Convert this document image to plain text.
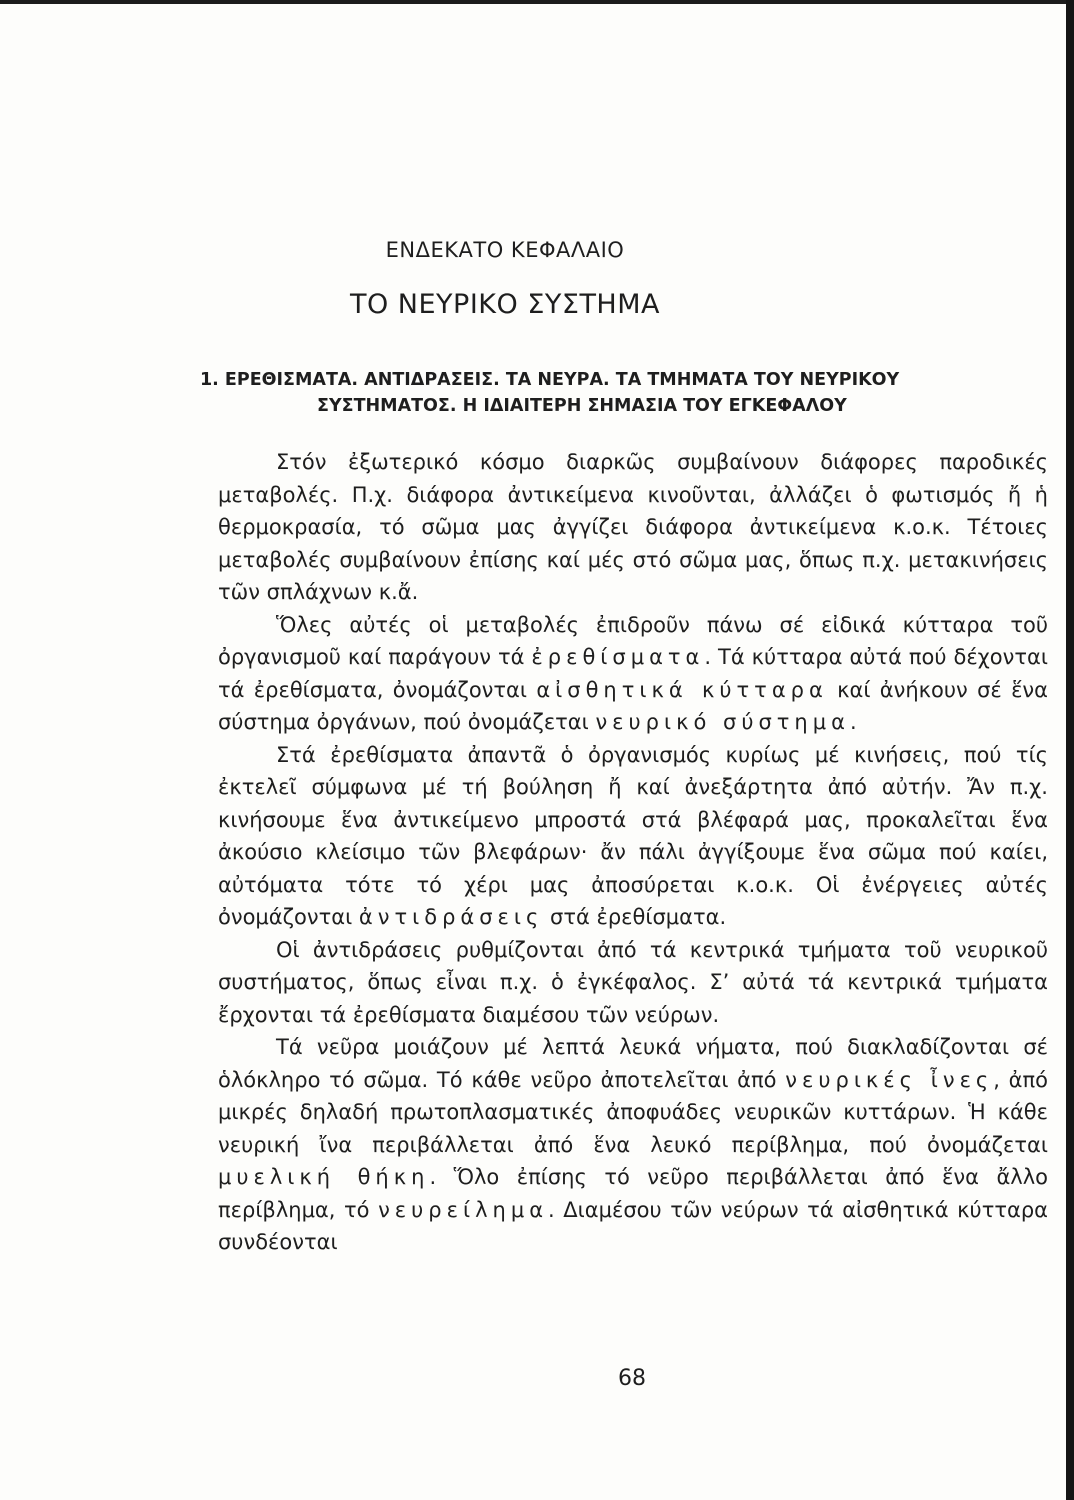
ΕΝΔΕΚΑΤΟ ΚΕΦΑΛΑΙΟ
ΤΟ ΝΕΥΡΙΚΟ ΣΥΣΤΗΜΑ
1. ΕΡΕΘΙΣΜΑΤΑ. ΑΝΤΙΔΡΑΣΕΙΣ. ΤΑ ΝΕΥΡΑ. ΤΑ ΤΜΗΜΑΤΑ ΤΟΥ ΝΕΥΡΙΚΟΥ
ΣΥΣΤΗΜΑΤΟΣ. Η ΙΔΙΑΙΤΕΡΗ ΣΗΜΑΣΙΑ ΤΟΥ ΕΓΚΕΦΑΛΟΥ

Στόν ἐξωτερικό κόσμο διαρκῶς συμβαίνουν διάφορες παροδικές μεταβολές. Π.χ. διάφορα ἀντικείμενα κινοῦνται, ἀλλάζει ὁ φωτισμός ἤ ἡ θερμοκρασία, τό σῶμα μας ἀγγίζει διάφορα ἀντικείμενα κ.ο.κ. Τέτοιες μεταβολές συμβαίνουν ἐπίσης καί μές στό σῶμα μας, ὅπως π.χ. μετακινήσεις τῶν σπλάχνων κ.ἄ.

Ὅλες αὐτές οἱ μεταβολές ἐπιδροῦν πάνω σέ εἰδικά κύτταρα τοῦ ὀργανισμοῦ καί παράγουν τά ἐρεθίσματα. Τά κύτταρα αὐτά πού δέχονται τά ἐρεθίσματα, ὀνομάζονται αἰσθητικά κύτταρα καί ἀνήκουν σέ ἕνα σύστημα ὀργάνων, πού ὀνομάζεται νευρικό σύστημα.

Στά ἐρεθίσματα ἀπαντᾶ ὁ ὀργανισμός κυρίως μέ κινήσεις, πού τίς ἐκτελεῖ σύμφωνα μέ τή βούληση ἤ καί ἀνεξάρτητα ἀπό αὐτήν. Ἄν π.χ. κινήσουμε ἕνα ἀντικείμενο μπροστά στά βλέφαρά μας, προκαλεῖται ἕνα ἀκούσιο κλείσιμο τῶν βλεφάρων· ἄν πάλι ἀγγίξουμε ἕνα σῶμα πού καίει, αὐτόματα τότε τό χέρι μας ἀποσύρεται κ.ο.κ. Οἱ ἐνέργειες αὐτές ὀνομάζονται ἀντιδράσεις στά ἐρεθίσματα.

Οἱ ἀντιδράσεις ρυθμίζονται ἀπό τά κεντρικά τμήματα τοῦ νευρικοῦ συστήματος, ὅπως εἶναι π.χ. ὁ ἐγκέφαλος. Σ’ αὐτά τά κεντρικά τμήματα ἔρχονται τά ἐρεθίσματα διαμέσου τῶν νεύρων.

Τά νεῦρα μοιάζουν μέ λεπτά λευκά νήματα, πού διακλαδίζονται σέ ὁλόκληρο τό σῶμα. Τό κάθε νεῦρο ἀποτελεῖται ἀπό νευρικές ἶνες, ἀπό μικρές δηλαδή πρωτοπλασματικές ἀποφυάδες νευρικῶν κυττάρων. Ἡ κάθε νευρική ἴνα περιβάλλεται ἀπό ἕνα λευκό περίβλημα, πού ὀνομάζεται μυελική θήκη. Ὅλο ἐπίσης τό νεῦρο περιβάλλεται ἀπό ἕνα ἄλλο περίβλημα, τό νευρείλημα. Διαμέσου τῶν νεύρων τά αἰσθητικά κύτταρα συνδέονται

68
